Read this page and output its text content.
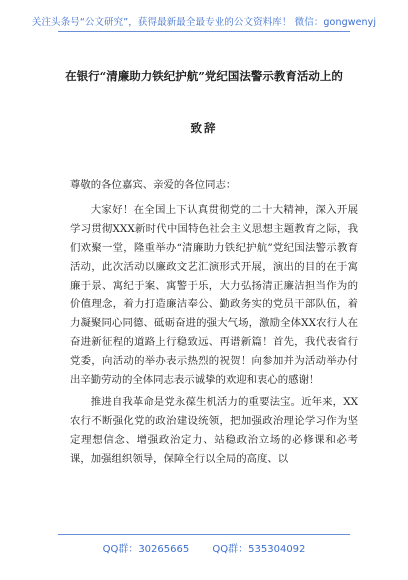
关注头条号“公文研究”，获得最新最全最专业的公文资料库！ 微信：gongwenyj
在银行“清廉助力铁纪护航”党纪国法警示教育活动上的
致辞

尊敬的各位嘉宾、亲爱的各位同志：

大家好！在全国上下认真贯彻党的二十大精神，深入开展学习贯彻XXX新时代中国特色社会主义思想主题教育之际，我们欢聚一堂，隆重举办“清廉助力铁纪护航”党纪国法警示教育活动，此次活动以廉政文艺汇演形式开展，演出的目的在于寓廉于景、寓纪于案、寓警于乐，大力弘扬清正廉洁担当作为的价值理念，着力打造廉洁奉公、勤政务实的党员干部队伍，着力凝聚同心同德、砥砺奋进的强大气场，激励全体XX农行人在奋进新征程的道路上行稳致远、再谱新篇！首先，我代表省行党委，向活动的举办表示热烈的祝贺！向参加并为活动举办付出辛勤劳动的全体同志表示诚挚的欢迎和衷心的感谢！

推进自我革命是党永葆生机活力的重要法宝。近年来，XX农行不断强化党的政治建设统领，把加强政治理论学习作为坚定理想信念、增强政治定力、站稳政治立场的必修课和必考课，加强组织领导，保障全行以全局的高度、以

QQ群：30265665 QQ群：535304092
